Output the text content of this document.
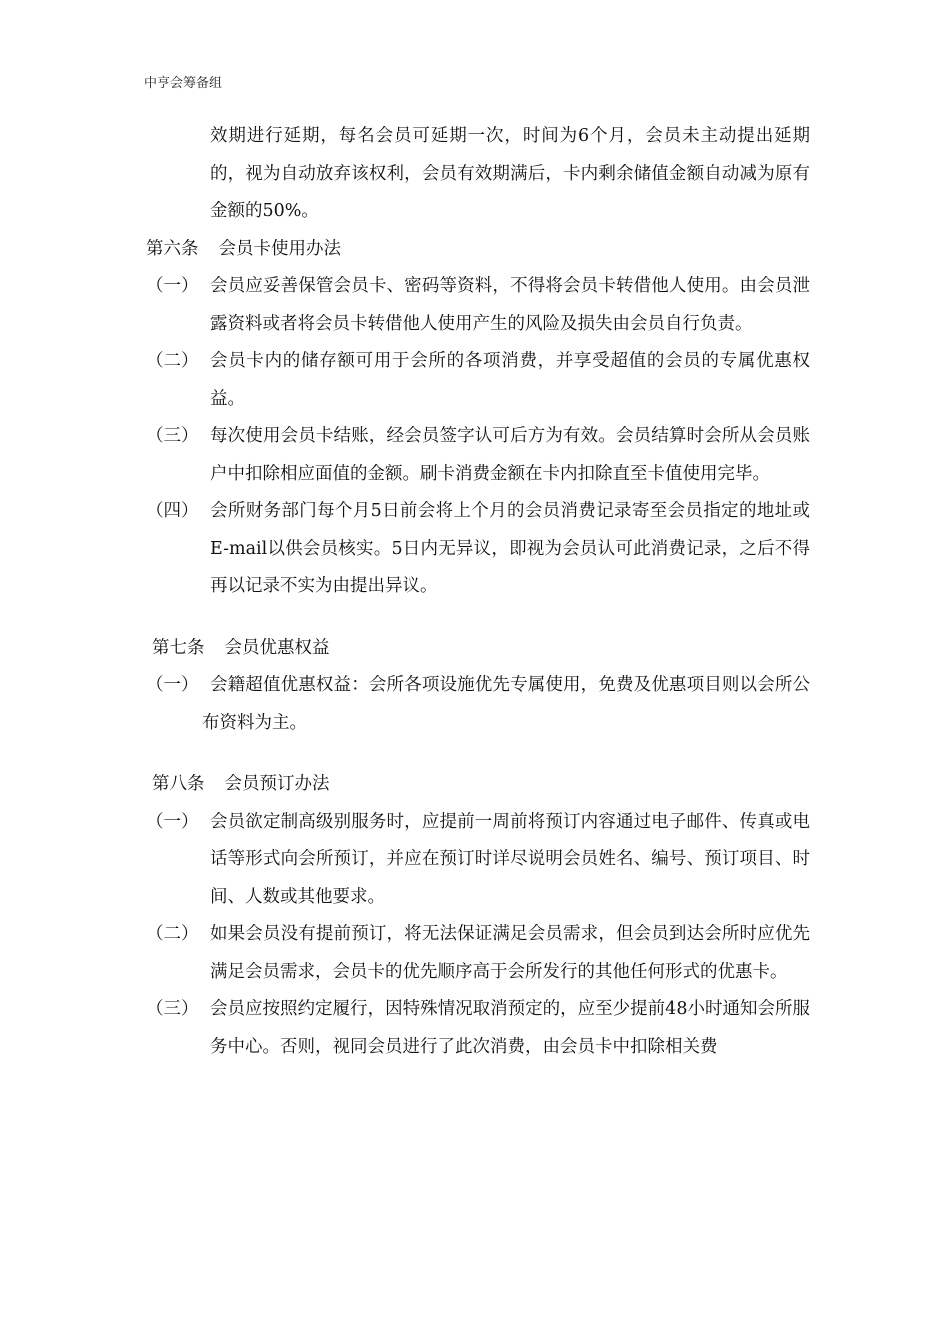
中亨会筹备组

效期进行延期，每名会员可延期一次，时间为6个月，会员未主动提出延期的，视为自动放弃该权利，会员有效期满后，卡内剩余储值金额自动减为原有金额的50%。

第六条 会员卡使用办法

（一） 会员应妥善保管会员卡、密码等资料，不得将会员卡转借他人使用。由会员泄露资料或者将会员卡转借他人使用产生的风险及损失由会员自行负责。
（二） 会员卡内的储存额可用于会所的各项消费，并享受超值的会员的专属优惠权益。
（三） 每次使用会员卡结账，经会员签字认可后方为有效。会员结算时会所从会员账户中扣除相应面值的金额。刷卡消费金额在卡内扣除直至卡值使用完毕。
（四） 会所财务部门每个月5日前会将上个月的会员消费记录寄至会员指定的地址或E-mail以供会员核实。5日内无异议，即视为会员认可此消费记录，之后不得再以记录不实为由提出异议。

第七条 会员优惠权益

（一） 会籍超值优惠权益：会所各项设施优先专属使用，免费及优惠项目则以会所公布资料为主。

第八条 会员预订办法

（一） 会员欲定制高级别服务时，应提前一周前将预订内容通过电子邮件、传真或电话等形式向会所预订，并应在预订时详尽说明会员姓名、编号、预订项目、时间、人数或其他要求。
（二） 如果会员没有提前预订，将无法保证满足会员需求，但会员到达会所时应优先满足会员需求，会员卡的优先顺序高于会所发行的其他任何形式的优惠卡。
（三） 会员应按照约定履行，因特殊情况取消预定的，应至少提前48小时通知会所服务中心。否则，视同会员进行了此次消费，由会员卡中扣除相关费
